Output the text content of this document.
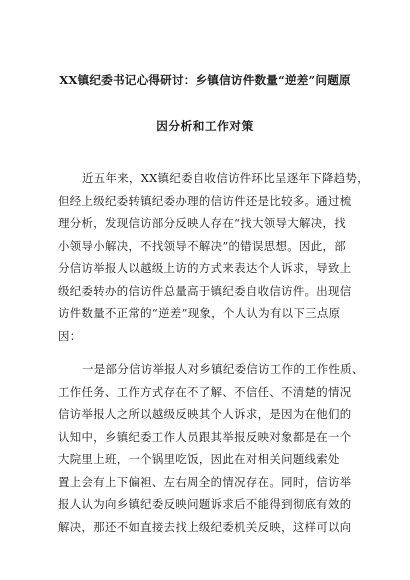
XX镇纪委书记心得研讨：乡镇信访件数量“逆差”问题原
因分析和工作对策
近五年来，XX镇纪委自收信访件环比呈逐年下降趋势，
但经上级纪委转镇纪委办理的信访件还是比较多。通过梳
理分析，发现信访部分反映人存在“找大领导大解决，找
小领导小解决，不找领导不解决”的错误思想。因此，部
分信访举报人以越级上访的方式来表达个人诉求，导致上
级纪委转办的信访件总量高于镇纪委自收信访件。出现信
访件数量不正常的“逆差”现象，个人认为有以下三点原
因：
一是部分信访举报人对乡镇纪委信访工作的工作性质、
工作任务、工作方式存在不了解、不信任、不清楚的情况
信访举报人之所以越级反映其个人诉求，是因为在他们的
认知中，乡镇纪委工作人员跟其举报反映对象都是在一个
大院里上班，一个锅里吃饭，因此在对相关问题线索处
置上会有上下偏袒、左右周全的情况存在。同时，信访举
报人认为向乡镇纪委反映问题诉求后不能得到彻底有效的
解决，那还不如直接去找上级纪委机关反映，这样可以向
